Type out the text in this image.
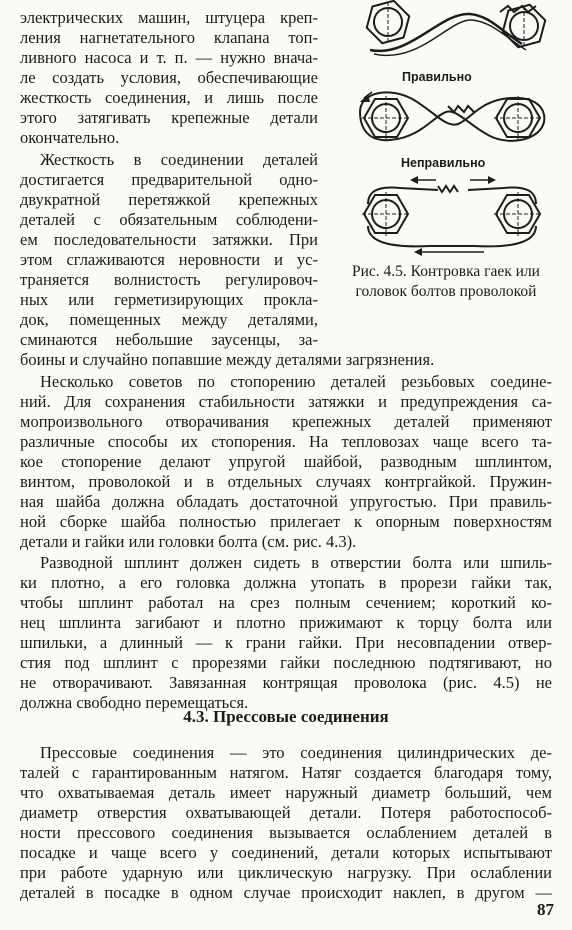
электрических машин, штуцера креп-
ления нагнетательного клапана топ-
ливного насоса и т. п. — нужно внача-
ле создать условия, обеспечивающие
жесткость соединения, и лишь после
этого затягивать крепежные детали
окончательно.
Жесткость в соединении деталей
достигается предварительной одно-
двукратной перетяжкой крепежных
деталей с обязательным соблюдени-
ем последовательности затяжки. При
этом сглаживаются неровности и ус-
траняется волнистость регулировоч-
ных или герметизирующих проклa-
док, помещенных между деталями,
сминаются небольшие заусенцы, за-
боины и случайно попавшие между деталями загрязнения.
Правильно
Неправильно
Рис. 4.5. Контровка гаек или
головок болтов проволокой
Несколько советов по стопорению деталей резьбовых соедине-
ний. Для сохранения стабильности затяжки и предупреждения са-
мопроизвольного отворачивания крепежных деталей применяют
различные способы их стопорения. На тепловозах чаще всего та-
кое стопорение делают упругой шайбой, разводным шплинтом,
винтом, проволокой и в отдельных случаях контргайкой. Пружин-
ная шайба должна обладать достаточной упругостью. При правиль-
ной сборке шайба полностью прилегает к опорным поверхностям
детали и гайки или головки болта (см. рис. 4.3).
Разводной шплинт должен сидеть в отверстии болта или шпиль-
ки плотно, а его головка должна утопать в прорези гайки так,
чтобы шплинт работал на срез полным сечением; короткий ко-
нец шплинта загибают и плотно прижимают к торцу болта или
шпильки, а длинный — к грани гайки. При несовпадении отвер-
стия под шплинт с прорезями гайки последнюю подтягивают, но
не отворачивают. Завязанная контрящая проволока (рис. 4.5) не
должна свободно перемещаться.
4.3. Прессовые соединения
Прессовые соединения — это соединения цилиндрических де-
талей с гарантированным натягом. Натяг создается благодаря тому,
что охватываемая деталь имеет наружный диаметр больший, чем
диаметр отверстия охватывающей детали. Потеря работоспособ-
ности прессового соединения вызывается ослаблением деталей в
посадке и чаще всего у соединений, детали которых испытывают
при работе ударную или циклическую нагрузку. При ослаблении
деталей в посадке в одном случае происходит наклеп, в другом —
87
